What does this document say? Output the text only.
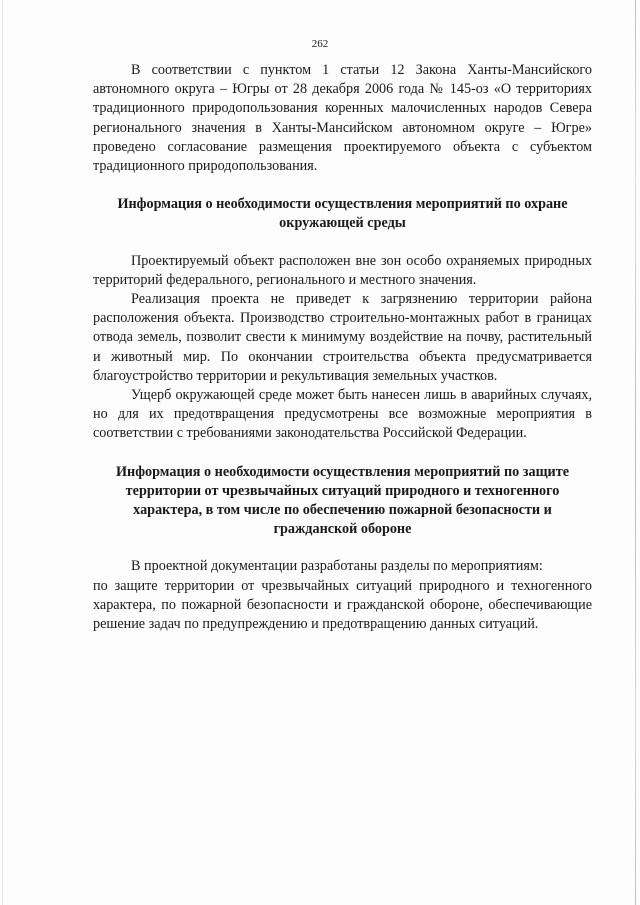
262

В соответствии с пунктом 1 статьи 12 Закона Ханты-Мансийского автономного округа – Югры от 28 декабря 2006 года № 145-оз «О территориях традиционного природопользования коренных малочисленных народов Севера регионального значения в Ханты-Мансийском автономном округе – Югре» проведено согласование размещения проектируемого объекта с субъектом традиционного природопользования.

Информация о необходимости осуществления мероприятий по охране окружающей среды

Проектируемый объект расположен вне зон особо охраняемых природных территорий федерального, регионального и местного значения.

Реализация проекта не приведет к загрязнению территории района расположения объекта. Производство строительно-монтажных работ в границах отвода земель, позволит свести к минимуму воздействие на почву, растительный и животный мир. По окончании строительства объекта предусматривается благоустройство территории и рекультивация земельных участков.

Ущерб окружающей среде может быть нанесен лишь в аварийных случаях, но для их предотвращения предусмотрены все возможные мероприятия в соответствии с требованиями законодательства Российской Федерации.

Информация о необходимости осуществления мероприятий по защите территории от чрезвычайных ситуаций природного и техногенного характера, в том числе по обеспечению пожарной безопасности и гражданской обороне

В проектной документации разработаны разделы по мероприятиям:

по защите территории от чрезвычайных ситуаций природного и техногенного характера, по пожарной безопасности и гражданской обороне, обеспечивающие решение задач по предупреждению и предотвращению данных ситуаций.
